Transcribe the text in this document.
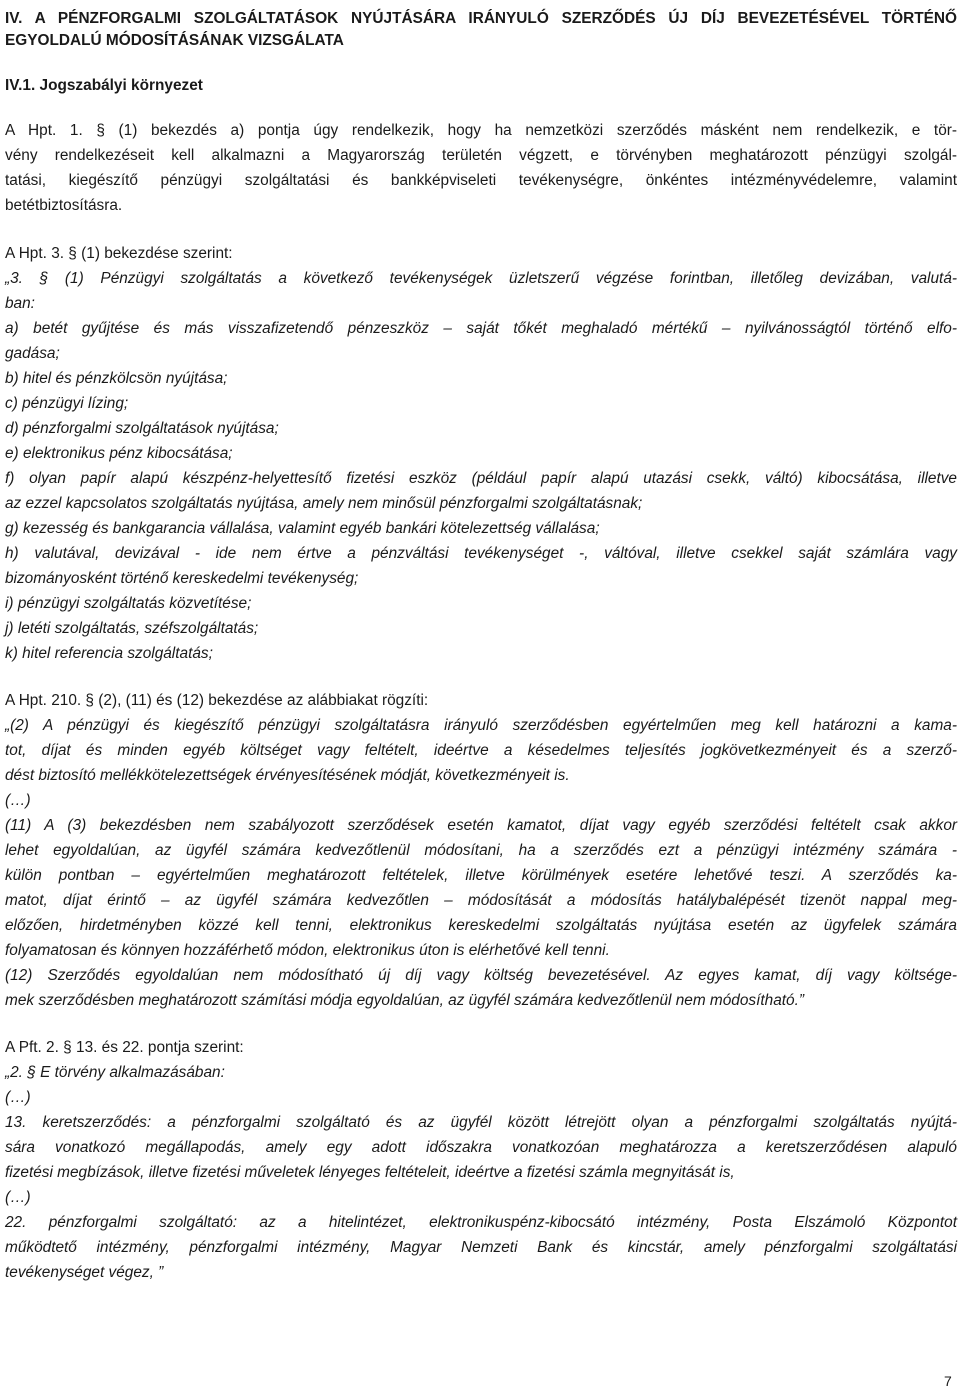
IV. A PÉNZFORGALMI SZOLGÁLTATÁSOK NYÚJTÁSÁRA IRÁNYULÓ SZERZŐDÉS ÚJ DÍJ BEVEZETÉSÉVEL TÖRTÉNŐ
EGYOLDALÚ MÓDOSÍTÁSÁNAK VIZSGÁLATA
IV.1. Jogszabályi környezet
A Hpt. 1. § (1) bekezdés a) pontja úgy rendelkezik, hogy ha nemzetközi szerződés másként nem rendelkezik, e tör-
vény rendelkezéseit kell alkalmazni a Magyarország területén végzett, e törvényben meghatározott pénzügyi szolgál-
tatási, kiegészítő pénzügyi szolgáltatási és bankképviseleti tevékenységre, önkéntes intézményvédelemre, valamint
betétbiztosításra.
A Hpt. 3. § (1) bekezdése szerint:
„3. § (1) Pénzügyi szolgáltatás a következő tevékenységek üzletszerű végzése forintban, illetőleg devizában, valutá-
ban:
a) betét gyűjtése és más visszafizetendő pénzeszköz – saját tőkét meghaladó mértékű – nyilvánosságtól történő elfo-
gadása;
b) hitel és pénzkölcsön nyújtása;
c) pénzügyi lízing;
d) pénzforgalmi szolgáltatások nyújtása;
e) elektronikus pénz kibocsátása;
f) olyan papír alapú készpénz-helyettesítő fizetési eszköz (például papír alapú utazási csekk, váltó) kibocsátása, illetve
az ezzel kapcsolatos szolgáltatás nyújtása, amely nem minősül pénzforgalmi szolgáltatásnak;
g) kezesség és bankgarancia vállalása, valamint egyéb bankári kötelezettség vállalása;
h) valutával, devizával - ide nem értve a pénzváltási tevékenységet -, váltóval, illetve csekkel saját számlára vagy
bizományosként történő kereskedelmi tevékenység;
i) pénzügyi szolgáltatás közvetítése;
j) letéti szolgáltatás, széfszolgáltatás;
k) hitel referencia szolgáltatás;
A Hpt. 210. § (2), (11) és (12) bekezdése az alábbiakat rögzíti:
„(2) A pénzügyi és kiegészítő pénzügyi szolgáltatásra irányuló szerződésben egyértelműen meg kell határozni a kama-
tot, díjat és minden egyéb költséget vagy feltételt, ideértve a késedelmes teljesítés jogkövetkezményeit és a szerző-
dést biztosító mellékkötelezettségek érvényesítésének módját, következményeit is.
(…)
(11) A (3) bekezdésben nem szabályozott szerződések esetén kamatot, díjat vagy egyéb szerződési feltételt csak akkor
lehet egyoldalúan, az ügyfél számára kedvezőtlenül módosítani, ha a szerződés ezt a pénzügyi intézmény számára -
külön pontban – egyértelműen meghatározott feltételek, illetve körülmények esetére lehetővé teszi. A szerződés ka-
matot, díjat érintő – az ügyfél számára kedvezőtlen – módosítását a módosítás hatálybalépését tizenöt nappal meg-
előzően, hirdetményben közzé kell tenni, elektronikus kereskedelmi szolgáltatás nyújtása esetén az ügyfelek számára
folyamatosan és könnyen hozzáférhető módon, elektronikus úton is elérhetővé kell tenni.
(12) Szerződés egyoldalúan nem módosítható új díj vagy költség bevezetésével. Az egyes kamat, díj vagy költsége-
mek szerződésben meghatározott számítási módja egyoldalúan, az ügyfél számára kedvezőtlenül nem módosítható.”
A Pft. 2. § 13. és 22. pontja szerint:
„2. § E törvény alkalmazásában:
(…)
13. keretszerződés: a pénzforgalmi szolgáltató és az ügyfél között létrejött olyan a pénzforgalmi szolgáltatás nyújtá-
sára vonatkozó megállapodás, amely egy adott időszakra vonatkozóan meghatározza a keretszerződésen alapuló
fizetési megbízások, illetve fizetési műveletek lényeges feltételeit, ideértve a fizetési számla megnyitását is,
(…)
22. pénzforgalmi szolgáltató: az a hitelintézet, elektronikuspénz-kibocsátó intézmény, Posta Elszámoló Központot
működtető intézmény, pénzforgalmi intézmény, Magyar Nemzeti Bank és kincstár, amely pénzforgalmi szolgáltatási
tevékenységet végez, ”
7
